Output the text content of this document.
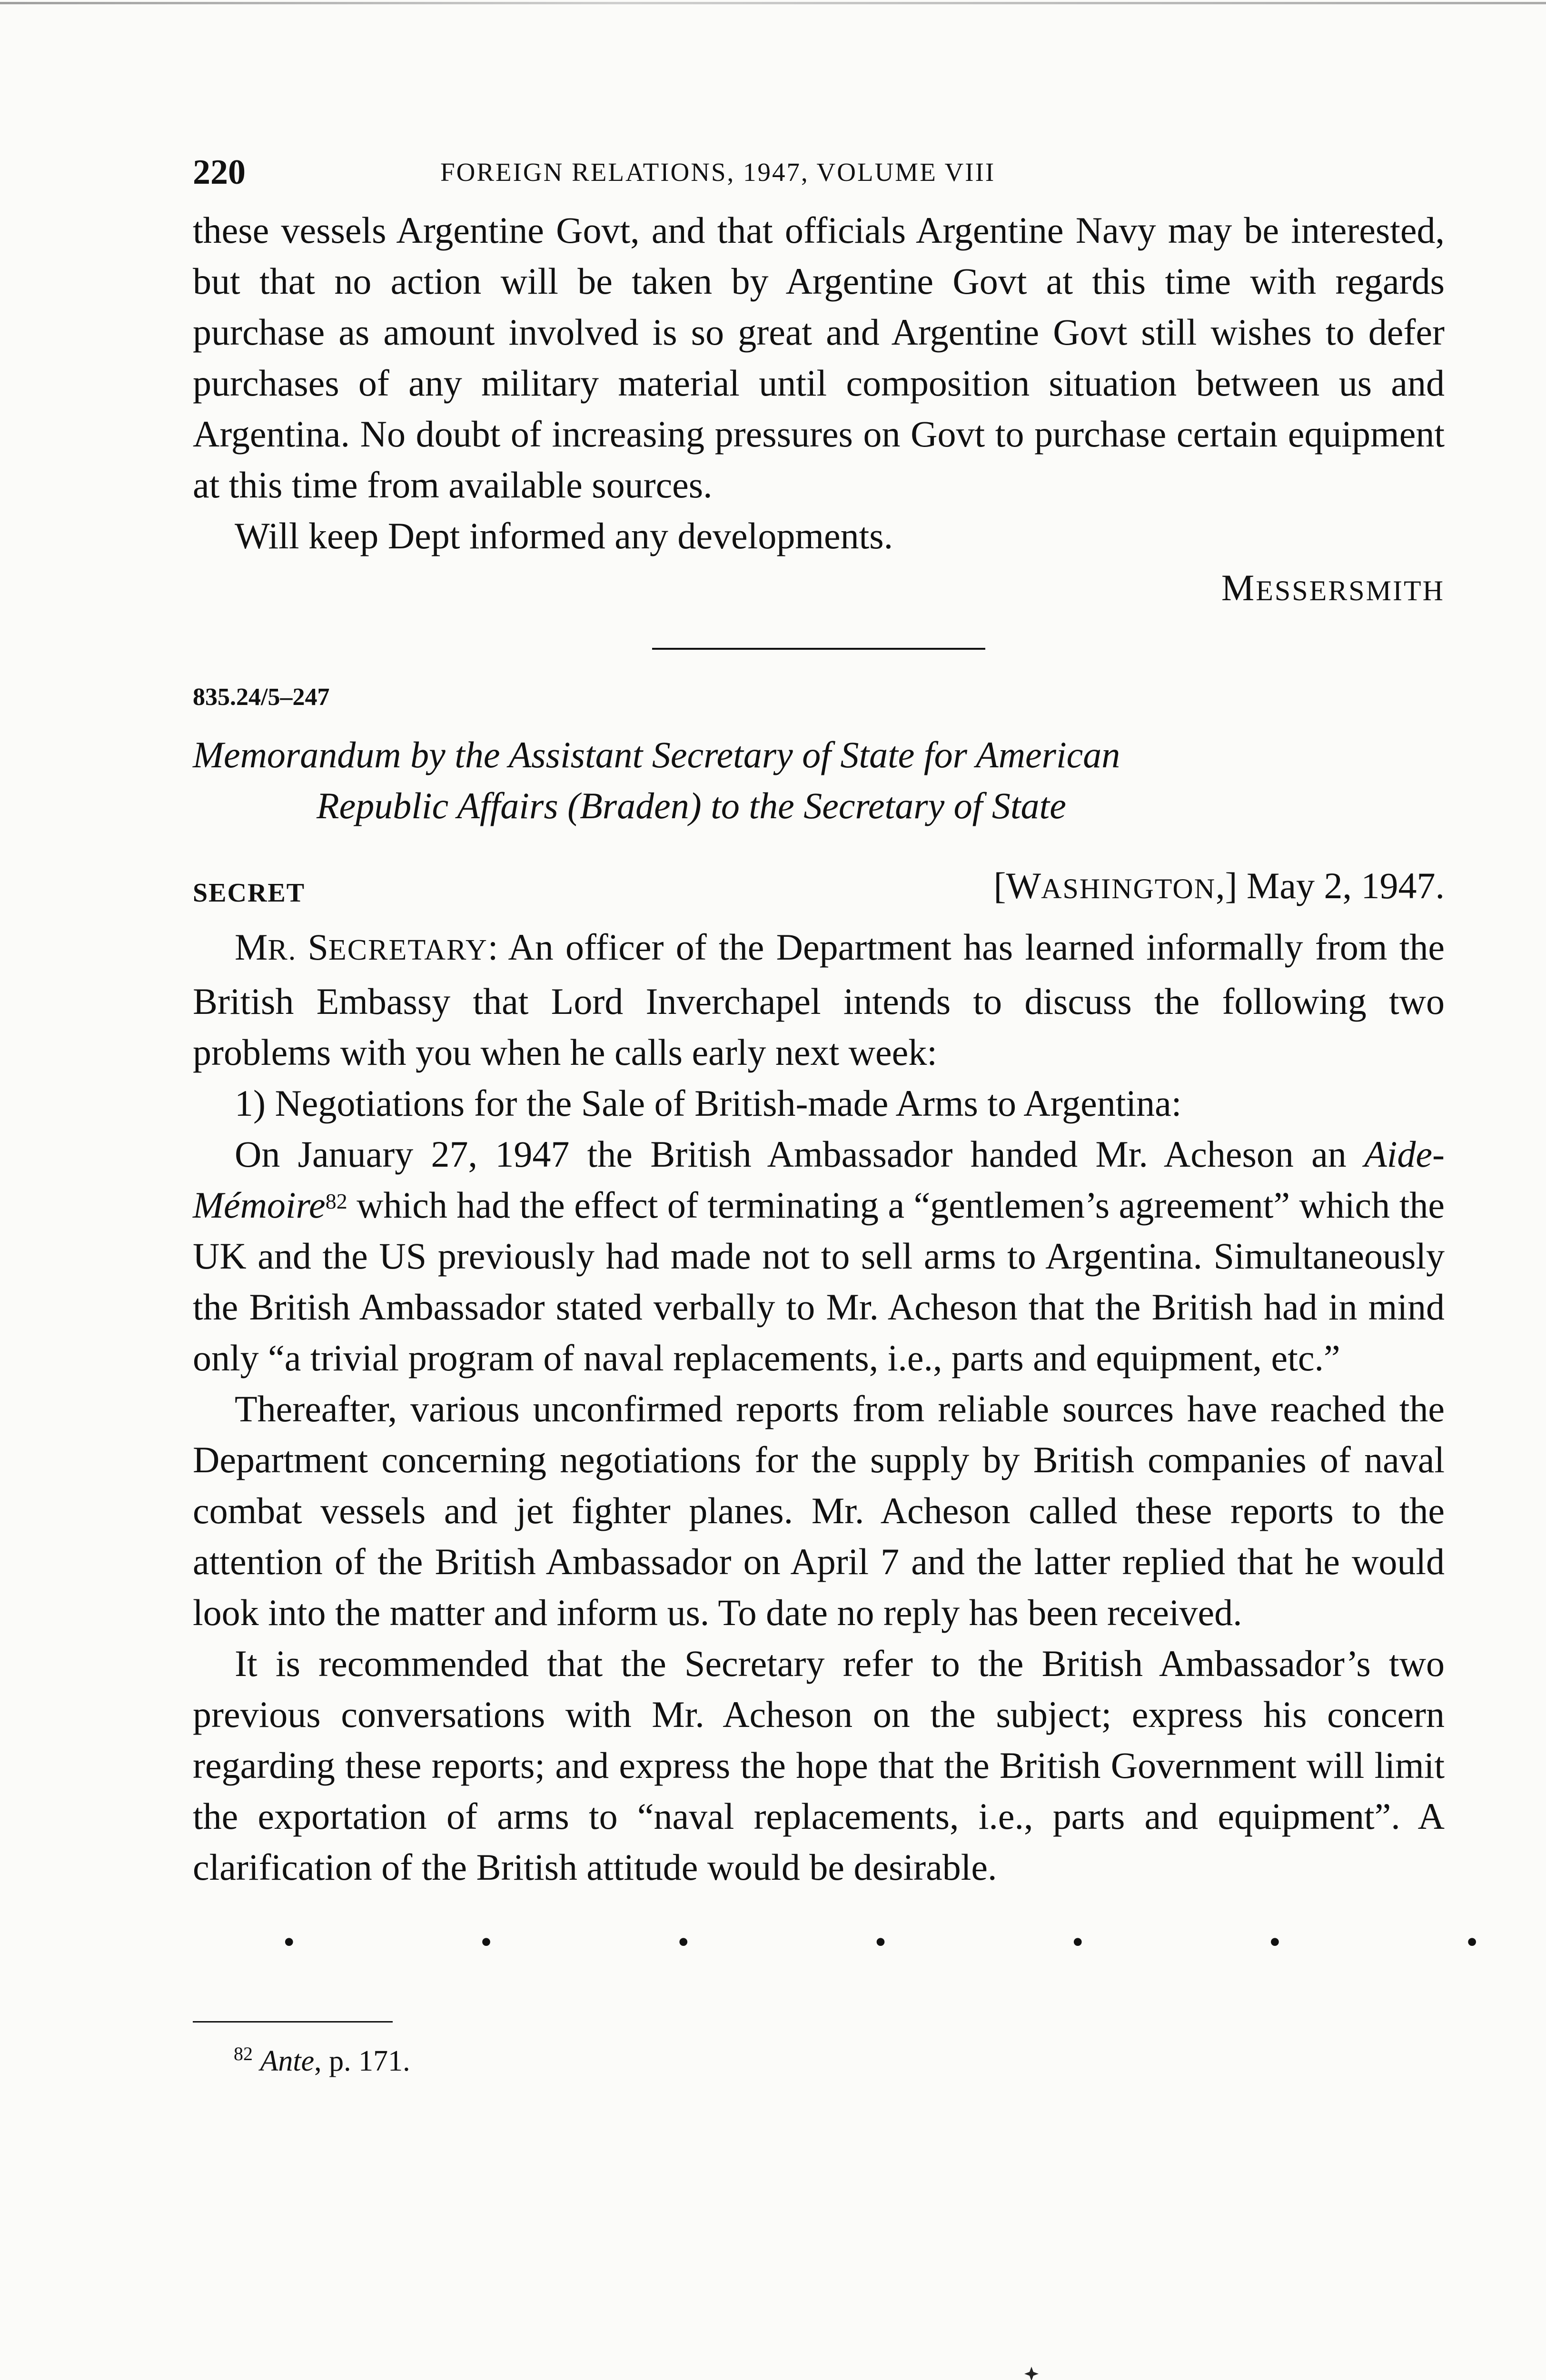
220	FOREIGN RELATIONS, 1947, VOLUME VIII

these vessels Argentine Govt, and that officials Argentine Navy may be interested, but that no action will be taken by Argentine Govt at this time with regards purchase as amount involved is so great and Argentine Govt still wishes to defer purchases of any military material until composition situation between us and Argentina. No doubt of increasing pressures on Govt to purchase certain equipment at this time from available sources.

Will keep Dept informed any developments.

MESSERSMITH
835.24/5–247
Memorandum by the Assistant Secretary of State for American
Republic Affairs (Braden) to the Secretary of State
SECRET	[WASHINGTON,] May 2, 1947.

MR. SECRETARY: An officer of the Department has learned informally from the British Embassy that Lord Inverchapel intends to discuss the following two problems with you when he calls early next week:

1) Negotiations for the Sale of British-made Arms to Argentina:

On January 27, 1947 the British Ambassador handed Mr. Acheson an Aide-Mémoire$^{82}$ which had the effect of terminating a “gentlemen’s agreement” which the UK and the US previously had made not to sell arms to Argentina. Simultaneously the British Ambassador stated verbally to Mr. Acheson that the British had in mind only “a trivial program of naval replacements, i.e., parts and equipment, etc.”

Thereafter, various unconfirmed reports from reliable sources have reached the Department concerning negotiations for the supply by British companies of naval combat vessels and jet fighter planes. Mr. Acheson called these reports to the attention of the British Ambassador on April 7 and the latter replied that he would look into the matter and inform us. To date no reply has been received.

It is recommended that the Secretary refer to the British Ambassador’s two previous conversations with Mr. Acheson on the subject; express his concern regarding these reports; and express the hope that the British Government will limit the exportation of arms to “naval replacements, i.e., parts and equipment”. A clarification of the British attitude would be desirable.

•	•	•	•	•	•	•
$^{82}$ Ante, p. 171.
